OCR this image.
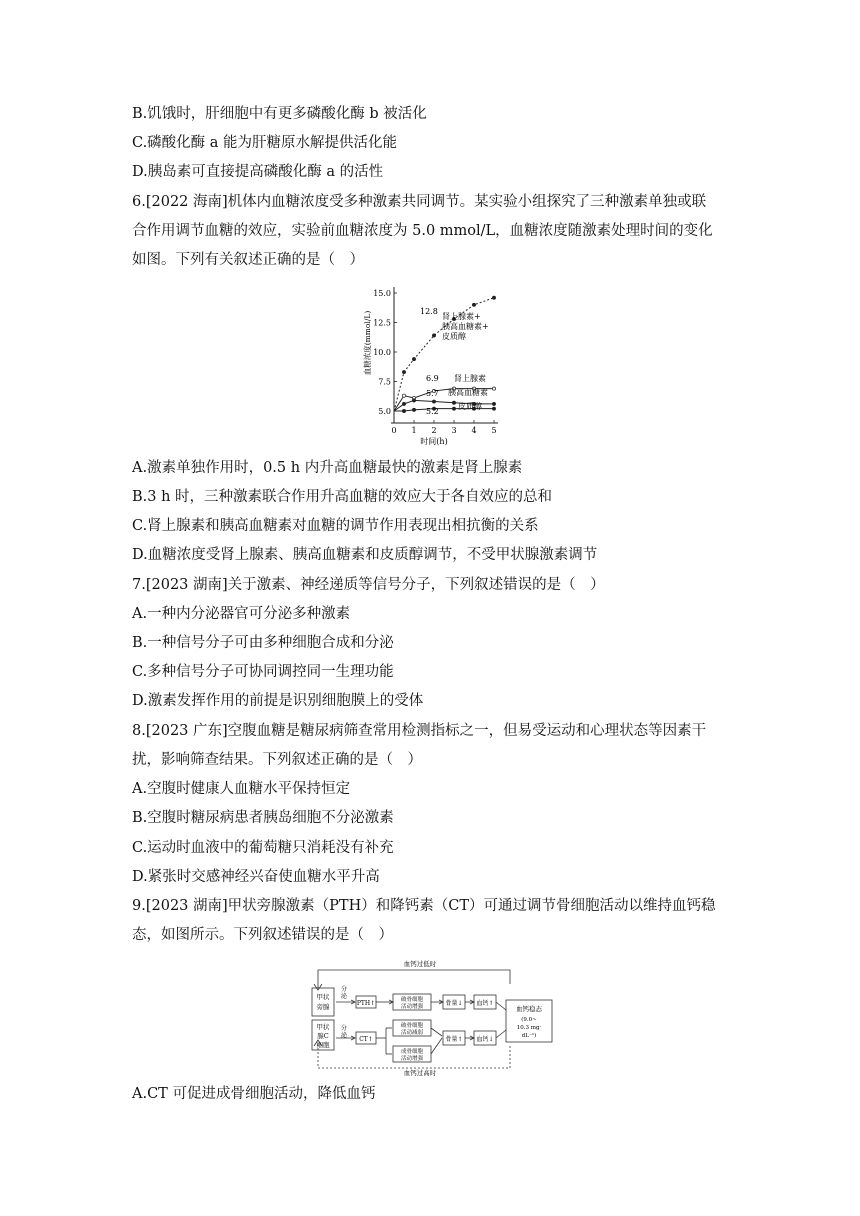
B.饥饿时，肝细胞中有更多磷酸化酶 b 被活化
C.磷酸化酶 a 能为肝糖原水解提供活化能
D.胰岛素可直接提高磷酸化酶 a 的活性
6.[2022 海南]机体内血糖浓度受多种激素共同调节。某实验小组探究了三种激素单独或联
合作用调节血糖的效应，实验前血糖浓度为 5.0 mmol/L，血糖浓度随激素处理时间的变化
如图。下列有关叙述正确的是（　）
A.激素单独作用时，0.5 h 内升高血糖最快的激素是肾上腺素
B.3 h 时，三种激素联合作用升高血糖的效应大于各自效应的总和
C.肾上腺素和胰高血糖素对血糖的调节作用表现出相抗衡的关系
D.血糖浓度受肾上腺素、胰高血糖素和皮质醇调节，不受甲状腺激素调节
7.[2023 湖南]关于激素、神经递质等信号分子，下列叙述错误的是（　）
A.一种内分泌器官可分泌多种激素
B.一种信号分子可由多种细胞合成和分泌
C.多种信号分子可协同调控同一生理功能
D.激素发挥作用的前提是识别细胞膜上的受体
8.[2023 广东]空腹血糖是糖尿病筛查常用检测指标之一，但易受运动和心理状态等因素干
扰，影响筛查结果。下列叙述正确的是（　）
A.空腹时健康人血糖水平保持恒定
B.空腹时糖尿病患者胰岛细胞不分泌激素
C.运动时血液中的葡萄糖只消耗没有补充
D.紧张时交感神经兴奋使血糖水平升高
9.[2023 湖南]甲状旁腺激素（PTH）和降钙素（CT）可通过调节骨细胞活动以维持血钙稳
态，如图所示。下列叙述错误的是（　）
A.CT 可促进成骨细胞活动，降低血钙
5.0
7.5
10.0
12.5
15.0
0 1 2 3 4 5
时间(h)
血糖浓度(mmol/L)	肾上腺素+
胰高血糖素+
皮质醇
肾上腺素
胰高血糖素
皮质醇
12.8
6.9
5.7
5.2
血钙过低时
血钙过高时
甲状旁腺
甲状腺C 细胞
分泌
分泌
PTH↑
CT↑
破骨细胞活动增强
破骨细胞活动减弱
成骨细胞活动增强
骨量↓
骨量↑
血钙↑
血钙↓
血钙稳态
(9.0~ 10.3 mg· dL⁻¹)
